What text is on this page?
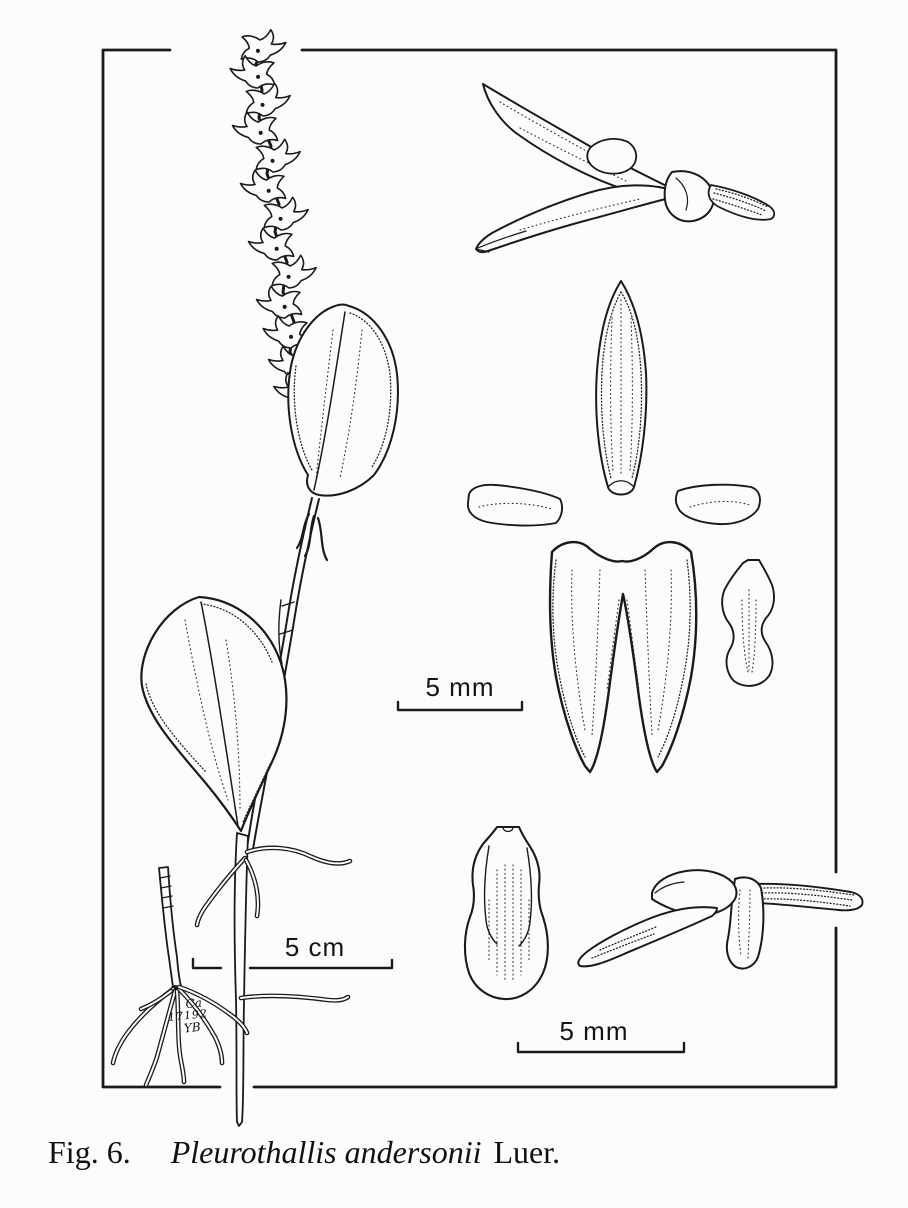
5 mm
5 cm
5 mm
Ca
17192
YB
Fig. 6. Pleurothallis andersonii Luer.
